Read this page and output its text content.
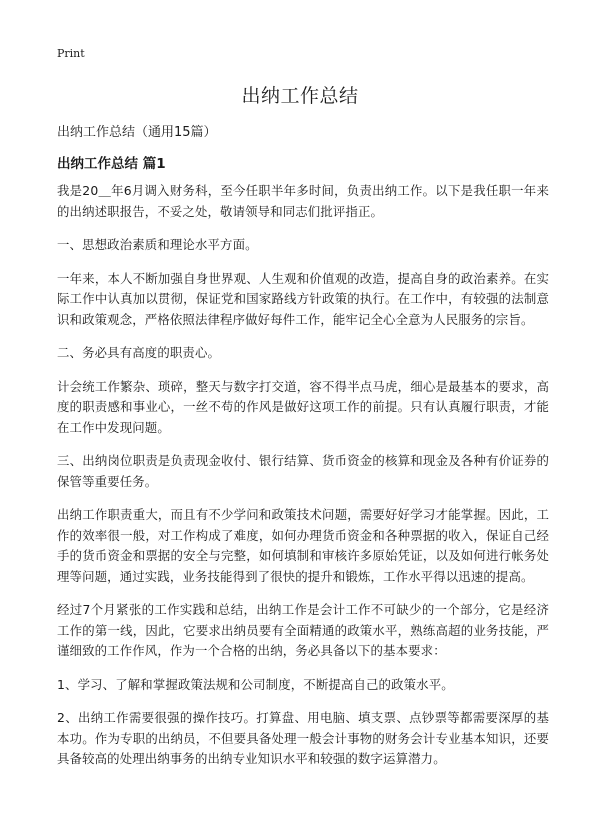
Print
出纳工作总结

出纳工作总结（通用15篇）

出纳工作总结 篇1

我是20＿年6月调入财务科，至今任职半年多时间，负责出纳工作。以下是我任职一年来的出纳述职报告，不妥之处，敬请领导和同志们批评指正。

一、思想政治素质和理论水平方面。

一年来，本人不断加强自身世界观、人生观和价值观的改造，提高自身的政治素养。在实际工作中认真加以贯彻，保证党和国家路线方针政策的执行。在工作中，有较强的法制意识和政策观念，严格依照法律程序做好每件工作，能牢记全心全意为人民服务的宗旨。

二、务必具有高度的职责心。

计会统工作繁杂、琐碎，整天与数字打交道，容不得半点马虎，细心是最基本的要求，高度的职责感和事业心，一丝不苟的作风是做好这项工作的前提。只有认真履行职责，才能在工作中发现问题。

三、出纳岗位职责是负责现金收付、银行结算、货币资金的核算和现金及各种有价证券的保管等重要任务。

出纳工作职责重大，而且有不少学问和政策技术问题，需要好好学习才能掌握。因此，工作的效率很一般，对工作构成了难度，如何办理货币资金和各种票据的收入，保证自己经手的货币资金和票据的安全与完整，如何填制和审核许多原始凭证，以及如何进行帐务处理等问题，通过实践，业务技能得到了很快的提升和锻炼，工作水平得以迅速的提高。

经过7个月紧张的工作实践和总结，出纳工作是会计工作不可缺少的一个部分，它是经济工作的第一线，因此，它要求出纳员要有全面精通的政策水平，熟练高超的业务技能，严谨细致的工作作风，作为一个合格的出纳，务必具备以下的基本要求：

1、学习、了解和掌握政策法规和公司制度，不断提高自己的政策水平。

2、出纳工作需要很强的操作技巧。打算盘、用电脑、填支票、点钞票等都需要深厚的基本功。作为专职的出纳员，不但要具备处理一般会计事物的财务会计专业基本知识，还要具备较高的处理出纳事务的出纳专业知识水平和较强的数字运算潜力。
